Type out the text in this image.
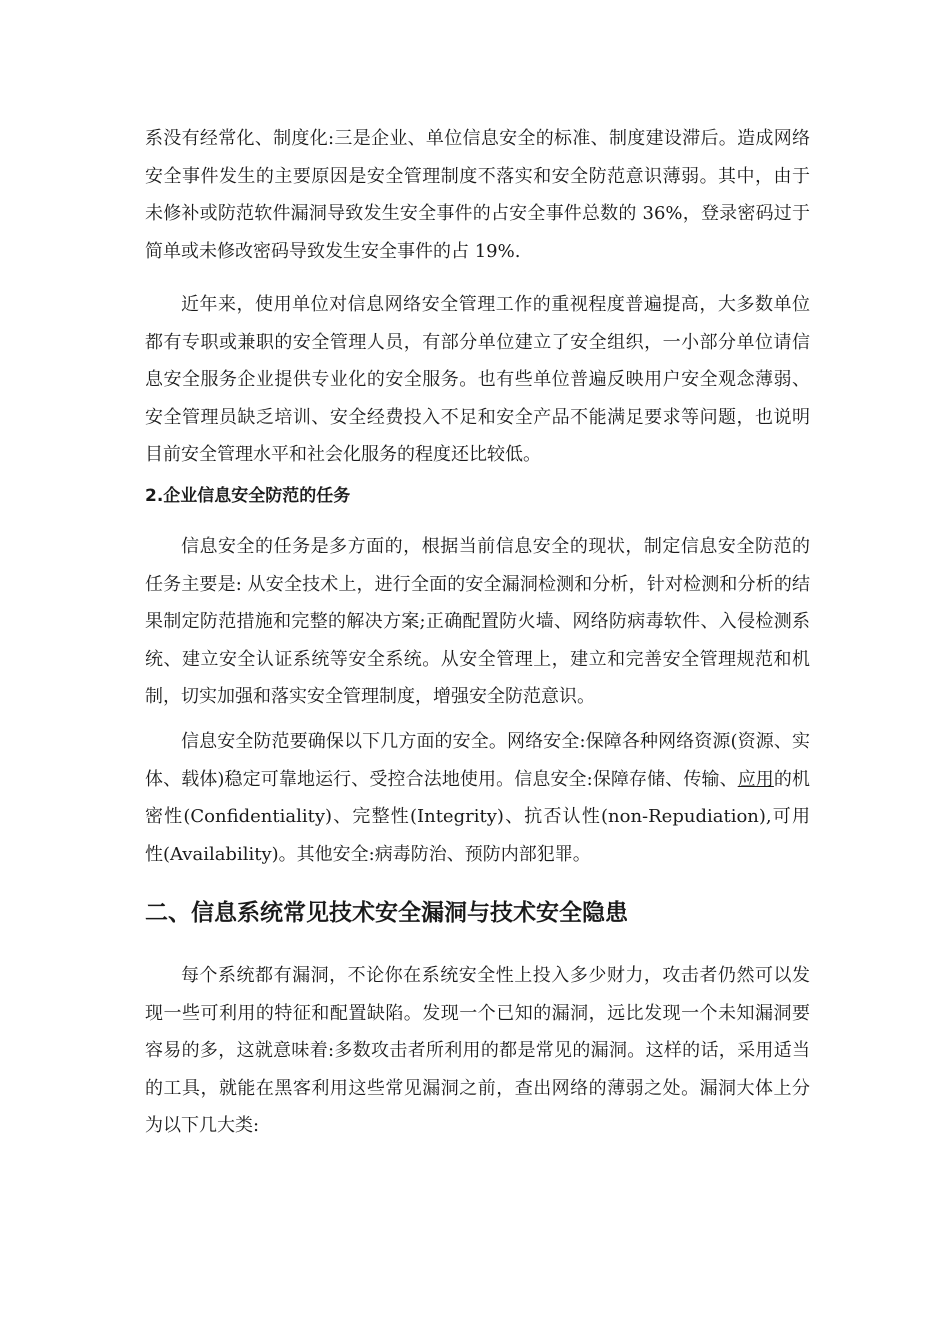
系没有经常化、制度化:三是企业、单位信息安全的标准、制度建设滞后。造成网络安全事件发生的主要原因是安全管理制度不落实和安全防范意识薄弱。其中，由于未修补或防范软件漏洞导致发生安全事件的占安全事件总数的 36%，登录密码过于简单或未修改密码导致发生安全事件的占 19%.

近年来，使用单位对信息网络安全管理工作的重视程度普遍提高，大多数单位都有专职或兼职的安全管理人员，有部分单位建立了安全组织，一小部分单位请信息安全服务企业提供专业化的安全服务。也有些单位普遍反映用户安全观念薄弱、安全管理员缺乏培训、安全经费投入不足和安全产品不能满足要求等问题，也说明目前安全管理水平和社会化服务的程度还比较低。

2.企业信息安全防范的任务

信息安全的任务是多方面的，根据当前信息安全的现状，制定信息安全防范的任务主要是: 从安全技术上，进行全面的安全漏洞检测和分析，针对检测和分析的结果制定防范措施和完整的解决方案;正确配置防火墙、网络防病毒软件、入侵检测系统、建立安全认证系统等安全系统。从安全管理上，建立和完善安全管理规范和机制，切实加强和落实安全管理制度，增强安全防范意识。

信息安全防范要确保以下几方面的安全。网络安全:保障各种网络资源(资源、实体、载体)稳定可靠地运行、受控合法地使用。信息安全:保障存储、传输、应用的机密性(Confidentiality)、完整性(Integrity)、抗否认性(non-Repudiation),可用性(Availability)。其他安全:病毒防治、预防内部犯罪。

二、信息系统常见技术安全漏洞与技术安全隐患

每个系统都有漏洞，不论你在系统安全性上投入多少财力，攻击者仍然可以发现一些可利用的特征和配置缺陷。发现一个已知的漏洞，远比发现一个未知漏洞要容易的多，这就意味着:多数攻击者所利用的都是常见的漏洞。这样的话，采用适当的工具，就能在黑客利用这些常见漏洞之前，查出网络的薄弱之处。漏洞大体上分为以下几大类:
